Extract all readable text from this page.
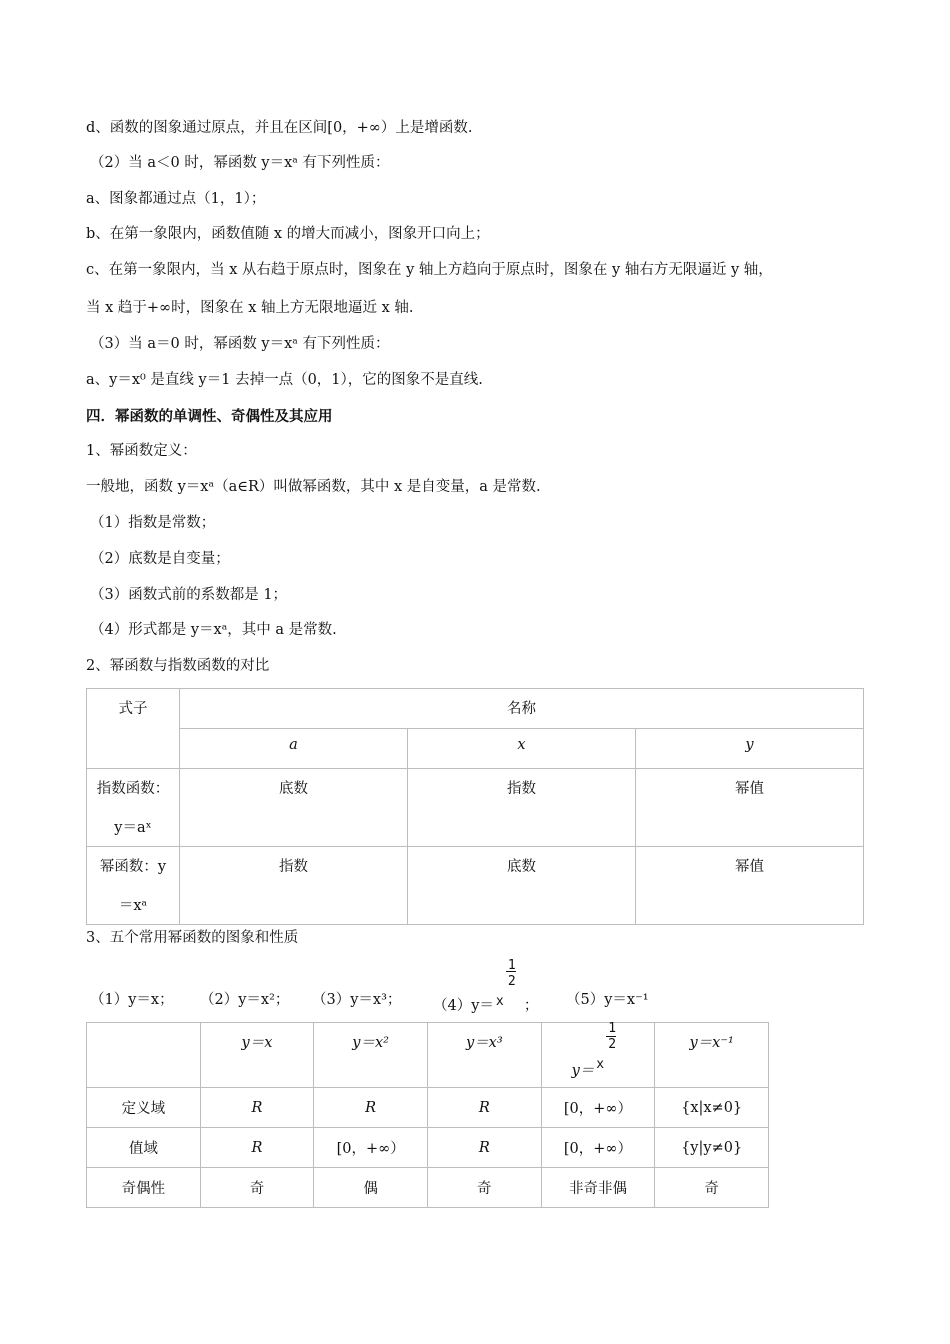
d、函数的图象通过原点，并且在区间[0，+∞）上是增函数.
（2）当 a＜0 时，幂函数 y＝xᵃ 有下列性质：
a、图象都通过点（1，1）；
b、在第一象限内，函数值随 x 的增大而减小，图象开口向上；
c、在第一象限内，当 x 从右趋于原点时，图象在 y 轴上方趋向于原点时，图象在 y 轴右方无限逼近 y 轴，
当 x 趋于+∞时，图象在 x 轴上方无限地逼近 x 轴.
（3）当 a＝0 时，幂函数 y＝xᵃ 有下列性质：
a、y＝x⁰ 是直线 y＝1 去掉一点（0，1），它的图象不是直线.
四．幂函数的单调性、奇偶性及其应用
1、幂函数定义：
一般地，函数 y＝xᵃ（a∈R）叫做幂函数，其中 x 是自变量，a 是常数.
（1）指数是常数；
（2）底数是自变量；
（3）函数式前的系数都是 1；
（4）形式都是 y＝xᵃ，其中 a 是常数.
2、幂函数与指数函数的对比
式子	名称		
	a	x	y

指数函数：
y＝aˣ	底数	指数	幂值

幂函数：y
＝xᵃ	指数	底数	幂值
3、五个常用幂函数的图象和性质
（1）y＝x； （2）y＝x²； （3）y＝x³； （4）y＝
1
2
x ； （5）y＝x⁻¹
	y＝x	y＝x²	y＝x³	y＝
1
2
x	y＝x⁻¹
定义域	R	R	R	[0，+∞）	{x|x≠0}
值域	R	[0，+∞）	R	[0，+∞）	{y|y≠0}
奇偶性	奇	偶	奇	非奇非偶	奇
